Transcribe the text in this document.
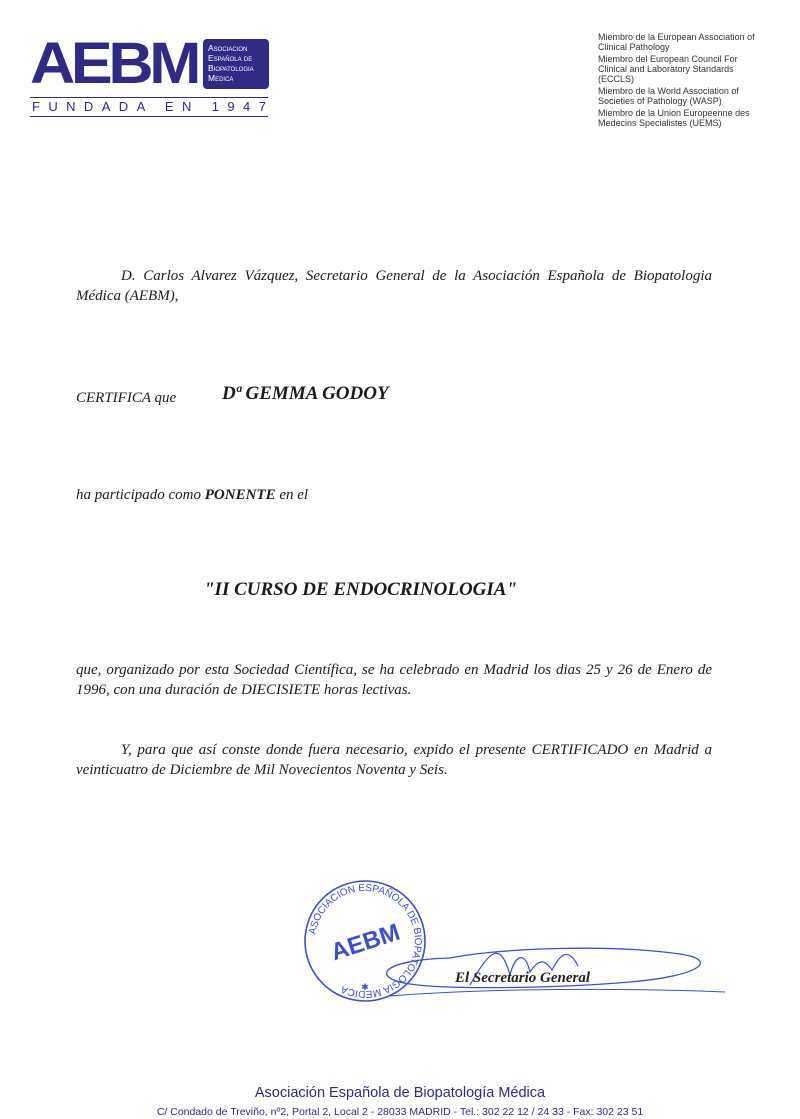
AEBM Asociacion
Española de
Biopatologia
Medica
FUNDADA EN 1947
Miembro de la European Association of Clinical Pathology
Miembro del European Council For Clinical and Laboratory Standards (ECCLS)
Miembro de la World Association of Societies of Pathology (WASP)
Miembro de la Union Europeenne des Medecins Specialistes (UEMS)
D. Carlos Alvarez Vázquez, Secretario General de la Asociación Española de Biopatologia Médica (AEBM),
CERTIFICA que Dª GEMMA GODOY
ha participado como PONENTE en el
"II CURSO DE ENDOCRINOLOGIA"
que, organizado por esta Sociedad Científica, se ha celebrado en Madrid los dias 25 y 26 de Enero de 1996, con una duración de DIECISIETE horas lectivas.
Y, para que así conste donde fuera necesario, expido el presente CERTIFICADO en Madrid a veinticuatro de Diciembre de Mil Novecientos Noventa y Seis.
ASOCIACION ESPAÑOLA DE BIOPATOLOGIA MEDICA
AEBM
✱
El Secretario General
Asociación Española de Biopatología Médica
C/ Condado de Treviño, nº2, Portal 2, Local 2 - 28033 MADRID - Tel.: 302 22 12 / 24 33 - Fax: 302 23 51
